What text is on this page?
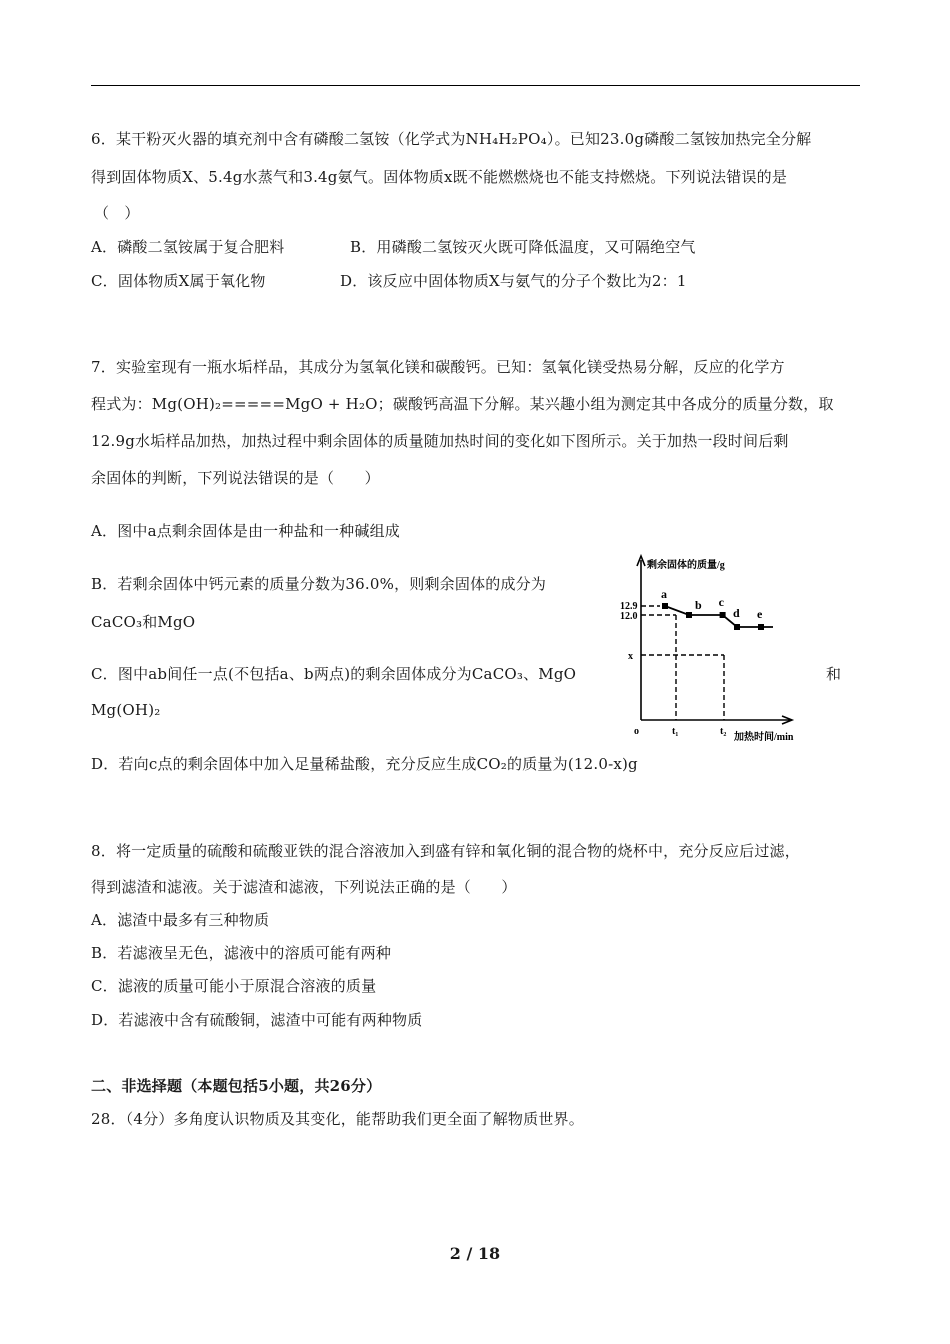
6．某干粉灭火器的填充剂中含有磷酸二氢铵（化学式为NH₄H₂PO₄）。已知23.0g磷酸二氢铵加热完全分解
得到固体物质X、5.4g水蒸气和3.4g氨气。固体物质x既不能燃燃烧也不能支持燃烧。下列说法错误的是
（　）
A．磷酸二氢铵属于复合肥料	B．用磷酸二氢铵灭火既可降低温度，又可隔绝空气
C．固体物质X属于氧化物	D．该反应中固体物质X与氨气的分子个数比为2：1
7．实验室现有一瓶水垢样品，其成分为氢氧化镁和碳酸钙。已知：氢氧化镁受热易分解，反应的化学方
程式为：Mg(OH)₂=====MgO + H₂O；碳酸钙高温下分解。某兴趣小组为测定其中各成分的质量分数，取
12.9g水垢样品加热，加热过程中剩余固体的质量随加热时间的变化如下图所示。关于加热一段时间后剩
余固体的判断，下列说法错误的是（　　）
A．图中a点剩余固体是由一种盐和一种碱组成
B．若剩余固体中钙元素的质量分数为36.0%，则剩余固体的成分为
CaCO₃和MgO
C．图中ab间任一点(不包括a、b两点)的剩余固体成分为CaCO₃、MgO	和
Mg(OH)₂
D．若向c点的剩余固体中加入足量稀盐酸，充分反应生成CO₂的质量为(12.0-x)g
a
b c
d e
剩余固体的质量/g
加热时间/min
o	t₁	t₂
12.9
12.0
x
8．将一定质量的硫酸和硫酸亚铁的混合溶液加入到盛有锌和氧化铜的混合物的烧杯中，充分反应后过滤，
得到滤渣和滤液。关于滤渣和滤液，下列说法正确的是（　　）
A．滤渣中最多有三种物质
B．若滤液呈无色，滤液中的溶质可能有两种
C．滤液的质量可能小于原混合溶液的质量
D．若滤液中含有硫酸铜，滤渣中可能有两种物质
二、非选择题（本题包括5小题，共26分）
28．（4分）多角度认识物质及其变化，能帮助我们更全面了解物质世界。
2 / 18
